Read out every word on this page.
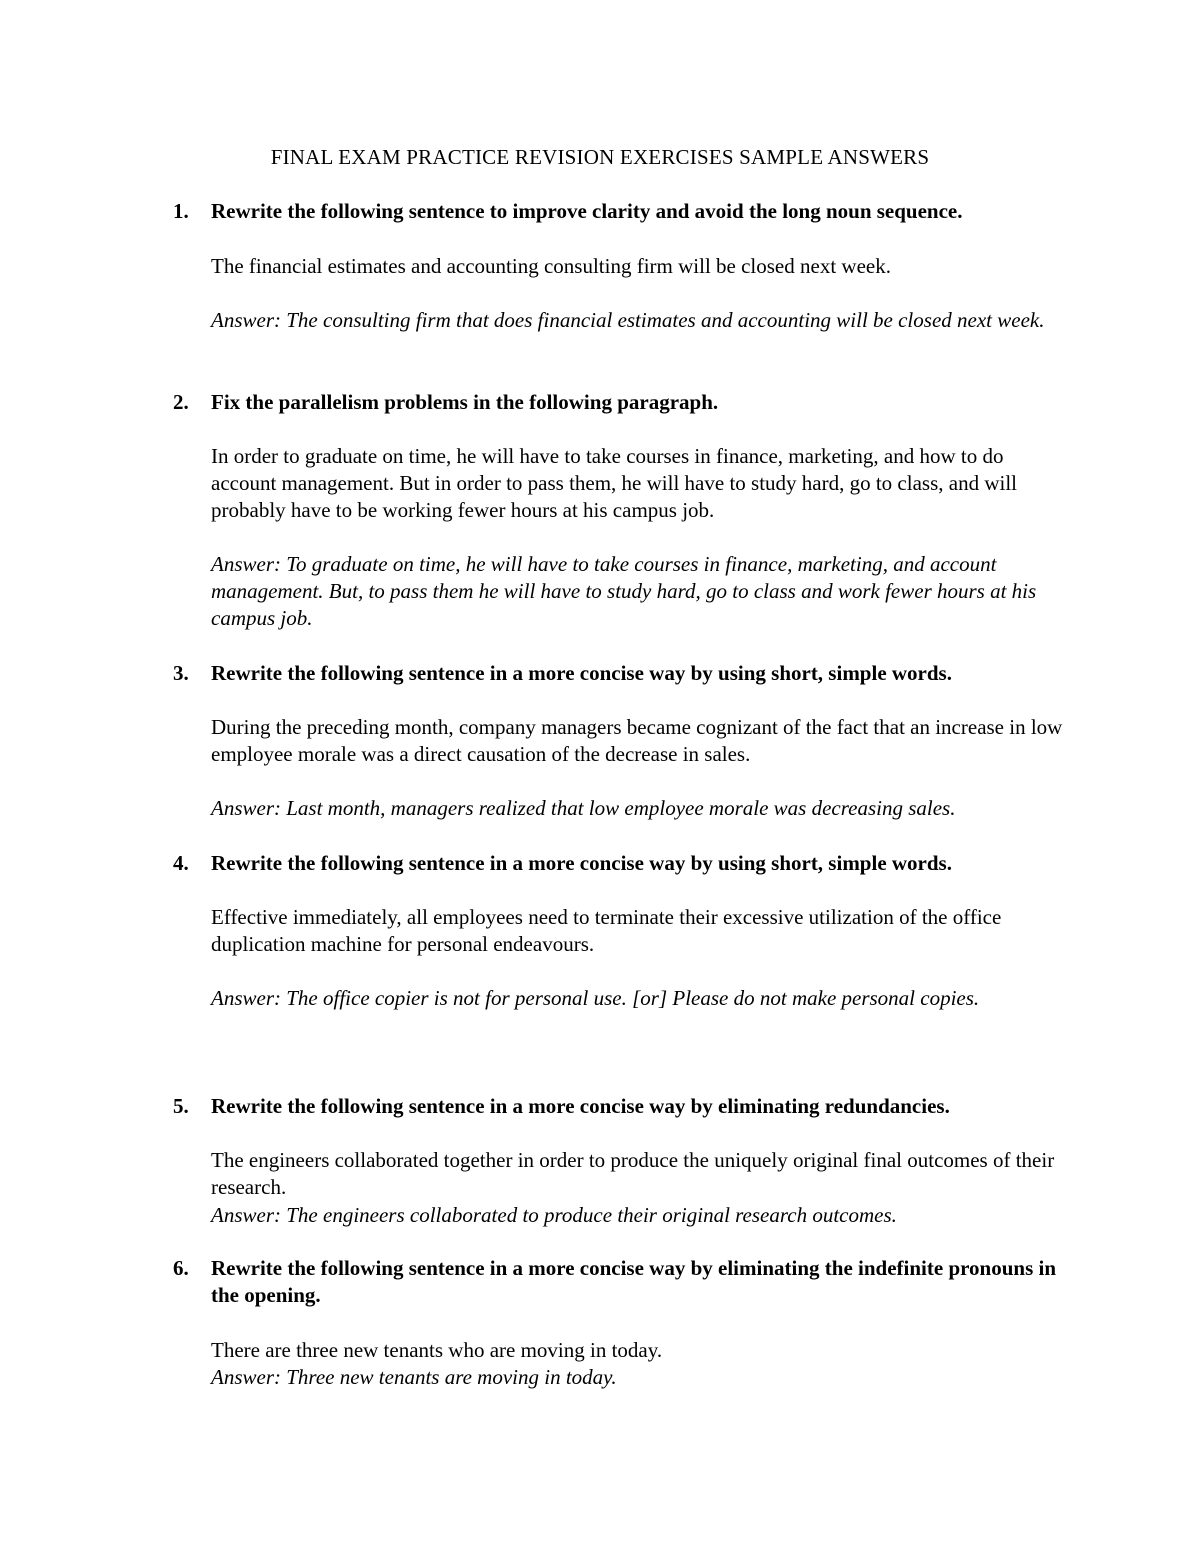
FINAL EXAM PRACTICE REVISION EXERCISES SAMPLE ANSWERS
1. Rewrite the following sentence to improve clarity and avoid the long noun sequence.

The financial estimates and accounting consulting firm will be closed next week.

Answer: The consulting firm that does financial estimates and accounting will be closed next week.

2. Fix the parallelism problems in the following paragraph.

In order to graduate on time, he will have to take courses in finance, marketing, and how to do account management. But in order to pass them, he will have to study hard, go to class, and will probably have to be working fewer hours at his campus job.

Answer: To graduate on time, he will have to take courses in finance, marketing, and account management. But, to pass them he will have to study hard, go to class and work fewer hours at his campus job.

3. Rewrite the following sentence in a more concise way by using short, simple words.

During the preceding month, company managers became cognizant of the fact that an increase in low employee morale was a direct causation of the decrease in sales.

Answer: Last month, managers realized that low employee morale was decreasing sales.

4. Rewrite the following sentence in a more concise way by using short, simple words.

Effective immediately, all employees need to terminate their excessive utilization of the office duplication machine for personal endeavours.

Answer: The office copier is not for personal use. [or] Please do not make personal copies.

5. Rewrite the following sentence in a more concise way by eliminating redundancies.

The engineers collaborated together in order to produce the uniquely original final outcomes of their research.

Answer: The engineers collaborated to produce their original research outcomes.

6. Rewrite the following sentence in a more concise way by eliminating the indefinite pronouns in the opening.

There are three new tenants who are moving in today.

Answer: Three new tenants are moving in today.
